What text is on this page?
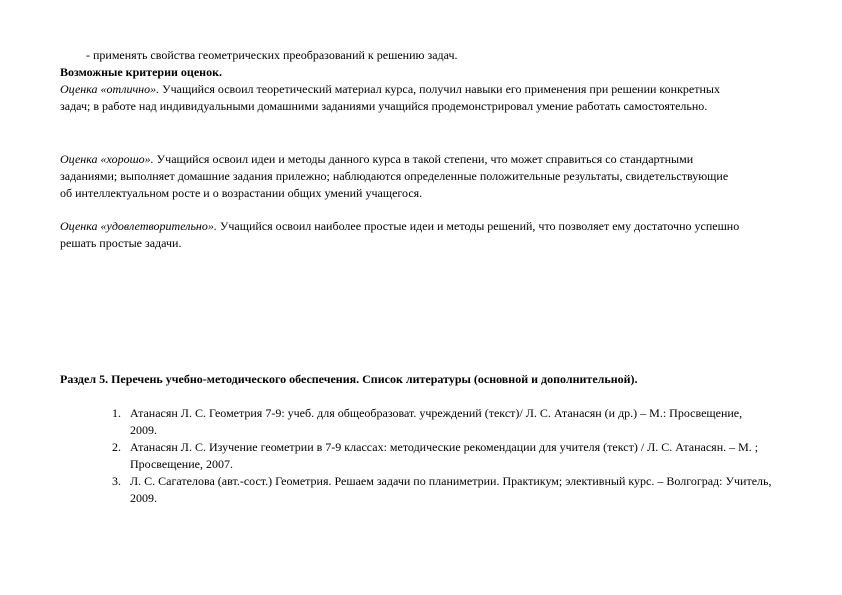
- применять свойства геометрических преобразований к решению задач.
Возможные критерии оценок.
Оценка «отлично». Учащийся освоил теоретический материал курса, получил навыки его применения при решении конкретных задач; в работе над индивидуальными домашними заданиями учащийся продемонстрировал умение работать самостоятельно.
Оценка «хорошо». Учащийся освоил идеи и методы данного курса в такой степени, что может справиться со стандартными заданиями; выполняет домашние задания прилежно; наблюдаются определенные положительные результаты, свидетельствующие об интеллектуальном росте и о возрастании общих умений учащегося.
Оценка «удовлетворительно». Учащийся освоил наиболее простые идеи и методы решений, что позволяет ему достаточно успешно решать простые задачи.
Раздел 5. Перечень учебно-методического обеспечения. Список литературы (основной и дополнительной).
1. Атанасян Л. С. Геометрия 7-9: учеб. для общеобразоват. учреждений (текст)/ Л. С. Атанасян (и др.) – М.: Просвещение, 2009.
2. Атанасян Л. С. Изучение геометрии в 7-9 классах: методические рекомендации для учителя (текст) / Л. С. Атанасян. – М. ; Просвещение, 2007.
3. Л. С. Сагателова (авт.-сост.) Геометрия. Решаем задачи по планиметрии. Практикум; элективный курс. – Волгоград: Учитель, 2009.
